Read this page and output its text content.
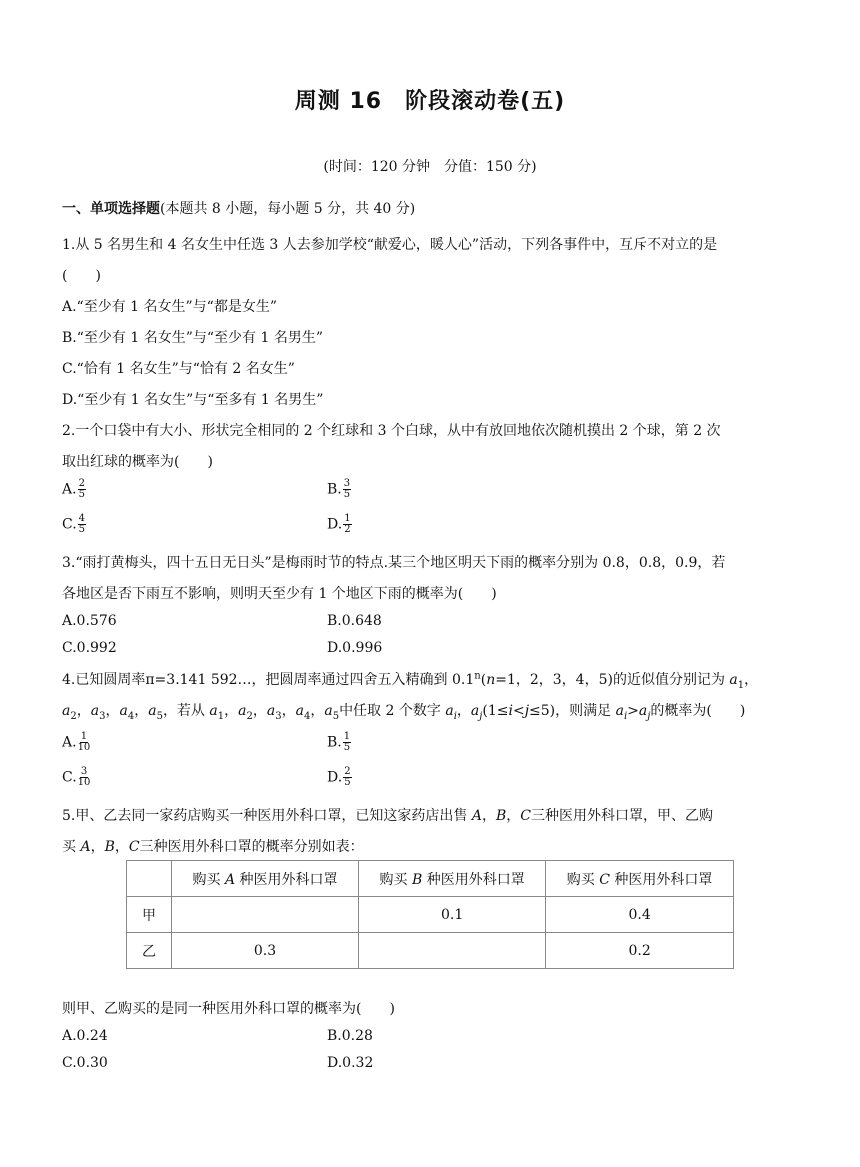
周测 16　阶段滚动卷(五)
(时间：120 分钟　分值：150 分)
一、单项选择题(本题共 8 小题，每小题 5 分，共 40 分)
1.从 5 名男生和 4 名女生中任选 3 人去参加学校“献爱心，暖人心”活动，下列各事件中，互斥不对立的是
(　　)
A.“至少有 1 名女生”与“都是女生”
B.“至少有 1 名女生”与“至少有 1 名男生”
C.“恰有 1 名女生”与“恰有 2 名女生”
D.“至少有 1 名女生”与“至多有 1 名男生”
2.一个口袋中有大小、形状完全相同的 2 个红球和 3 个白球，从中有放回地依次随机摸出 2 个球，第 2 次
取出红球的概率为(　　)
A. $\frac{2}{5}$	B. $\frac{3}{5}$
C. $\frac{4}{5}$	D. $\frac{1}{2}$
3.“雨打黄梅头，四十五日无日头”是梅雨时节的特点.某三个地区明天下雨的概率分别为 0.8，0.8，0.9，若
各地区是否下雨互不影响，则明天至少有 1 个地区下雨的概率为(　　)
A.0.576	B.0.648
C.0.992	D.0.996
4.已知圆周率π=3.141 592…，把圆周率通过四舍五入精确到 $0.1^n(n=1$，2，3，4，5)的近似值分别记为 $a_1$，
$a_2$，$a_3$，$a_4$，$a_5$，若从 $a_1$，$a_2$，$a_3$，$a_4$，$a_5$中任取 2 个数字 $a_i$，$a_j(1\le i<j\le 5)$，则满足 $a_i>a_j$的概率为(　　)
A. $\frac{1}{10}$	B. $\frac{1}{5}$
C. $\frac{3}{10}$	D. $\frac{2}{5}$
5.甲、乙去同一家药店购买一种医用外科口罩，已知这家药店出售 A，B，C三种医用外科口罩，甲、乙购
买 A，B，C三种医用外科口罩的概率分别如表：
	购买 A 种医用外科口罩	购买 B 种医用外科口罩	购买 C 种医用外科口罩
甲		0.1	0.4
乙	0.3		0.2
则甲、乙购买的是同一种医用外科口罩的概率为(　　)
A.0.24	B.0.28
C.0.30	D.0.32
